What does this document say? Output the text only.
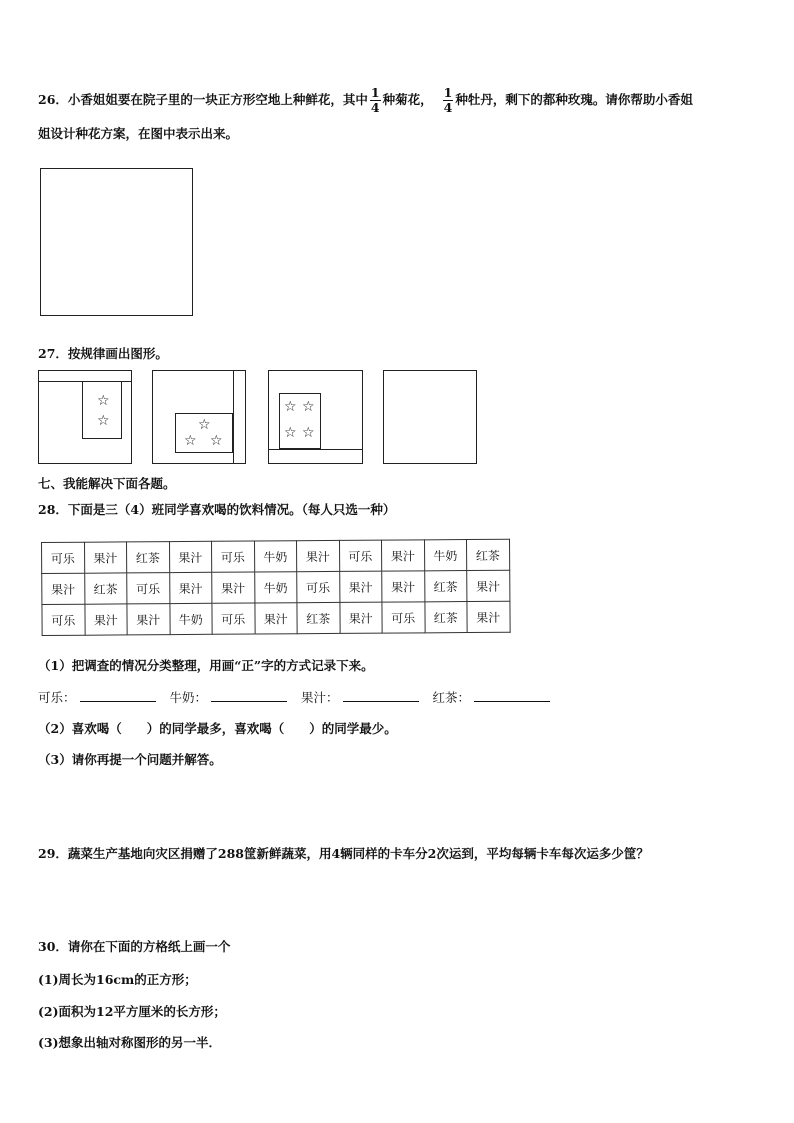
26．小香姐姐要在院子里的一块正方形空地上种鲜花，其中 $\frac{1}{4}$ 种菊花， $\frac{1}{4}$ 种牡丹，剩下的都种玫瑰。请你帮助小香姐
姐设计种花方案，在图中表示出来。
27．按规律画出图形。
☆
☆	☆
☆ ☆
☆ ☆
☆ ☆
七、我能解决下面各题。
28．下面是三（4）班同学喜欢喝的饮料情况。（每人只选一种）
可乐	果汁	红茶	果汁	可乐	牛奶	果汁	可乐	果汁	牛奶	红茶
果汁	红茶	可乐	果汁	果汁	牛奶	可乐	果汁	果汁	红茶	果汁
可乐	果汁	果汁	牛奶	可乐	果汁	红茶	果汁	可乐	红茶	果汁
（1）把调查的情况分类整理，用画“正”字的方式记录下来。
可乐：	牛奶：	果汁：	红茶：
（2）喜欢喝（　　）的同学最多，喜欢喝（　　）的同学最少。
（3）请你再提一个问题并解答。
29．蔬菜生产基地向灾区捐赠了288筐新鲜蔬菜，用4辆同样的卡车分2次运到，平均每辆卡车每次运多少筐？
30．请你在下面的方格纸上画一个
(1)周长为16cm的正方形；
(2)面积为12平方厘米的长方形；
(3)想象出轴对称图形的另一半．
